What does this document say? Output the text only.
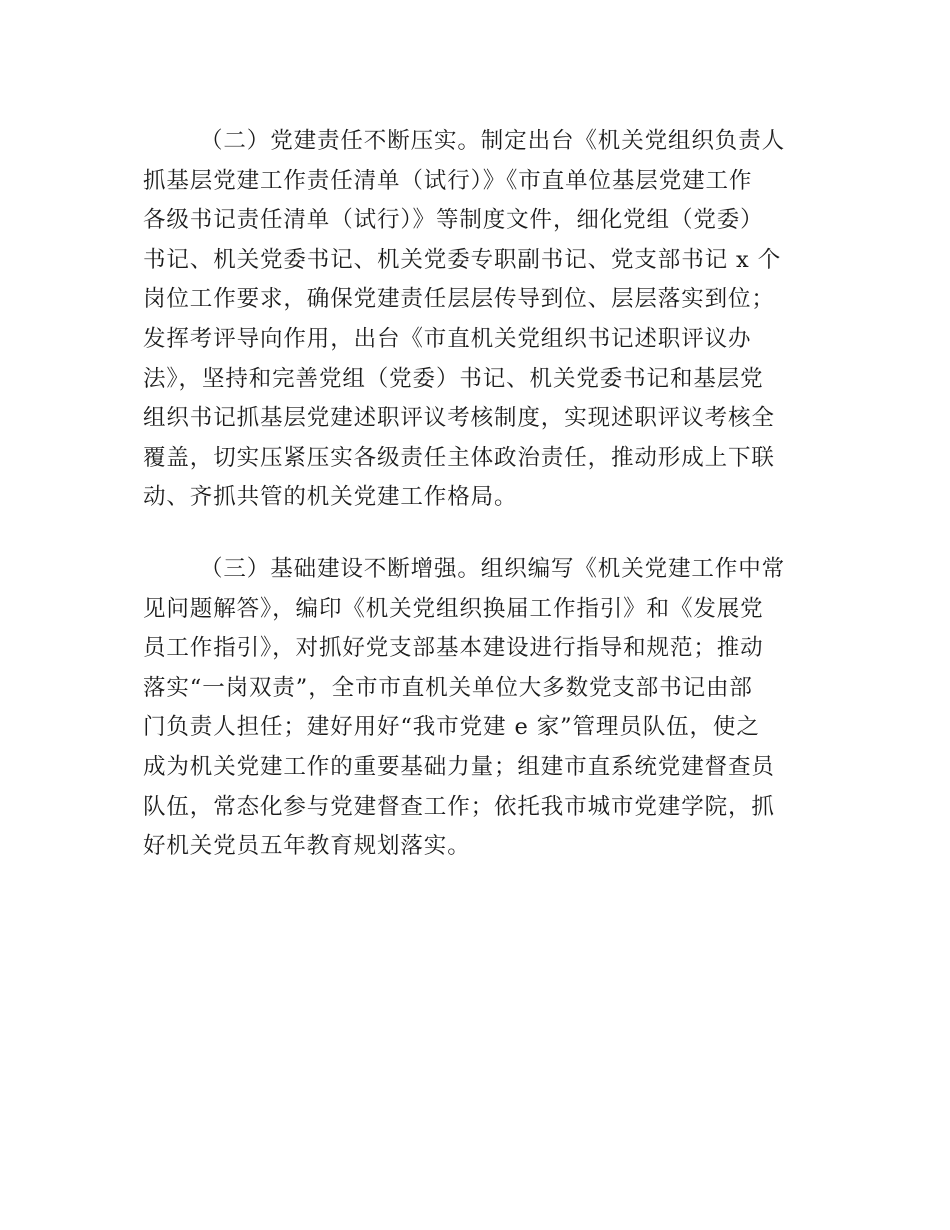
（二）党建责任不断压实。制定出台《机关党组织负责人
抓基层党建工作责任清单（试行）》《市直单位基层党建工作
各级书记责任清单（试行）》等制度文件，细化党组（党委）
书记、机关党委书记、机关党委专职副书记、党支部书记 x 个
岗位工作要求，确保党建责任层层传导到位、层层落实到位；
发挥考评导向作用，出台《市直机关党组织书记述职评议办
法》，坚持和完善党组（党委）书记、机关党委书记和基层党
组织书记抓基层党建述职评议考核制度，实现述职评议考核全
覆盖，切实压紧压实各级责任主体政治责任，推动形成上下联
动、齐抓共管的机关党建工作格局。
（三）基础建设不断增强。组织编写《机关党建工作中常
见问题解答》，编印《机关党组织换届工作指引》和《发展党
员工作指引》，对抓好党支部基本建设进行指导和规范；推动
落实“一岗双责”，全市市直机关单位大多数党支部书记由部
门负责人担任；建好用好“我市党建 e 家”管理员队伍，使之
成为机关党建工作的重要基础力量；组建市直系统党建督查员
队伍，常态化参与党建督查工作；依托我市城市党建学院，抓
好机关党员五年教育规划落实。
